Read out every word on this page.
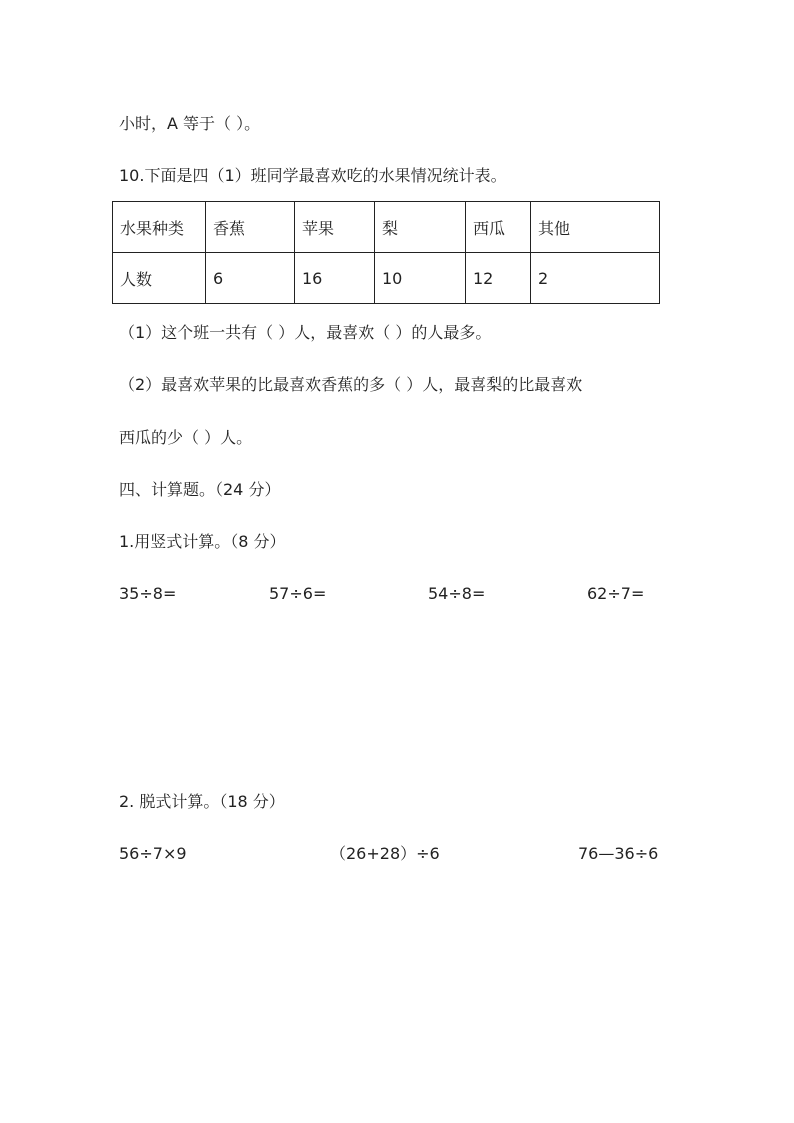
小时，A 等于（ ）。
10.下面是四（1）班同学最喜欢吃的水果情况统计表。
水果种类	香蕉	苹果	梨	西瓜	其他
人数	6	16	10	12	2
（1）这个班一共有（ ）人，最喜欢（ ）的人最多。
（2）最喜欢苹果的比最喜欢香蕉的多（ ）人，最喜梨的比最喜欢
西瓜的少（ ）人。
四、计算题。（24 分）
1.用竖式计算。（8 分）
35÷8=	57÷6=	54÷8=	62÷7=
2. 脱式计算。（18 分）
56÷7×9	（26+28）÷6	76—36÷6
